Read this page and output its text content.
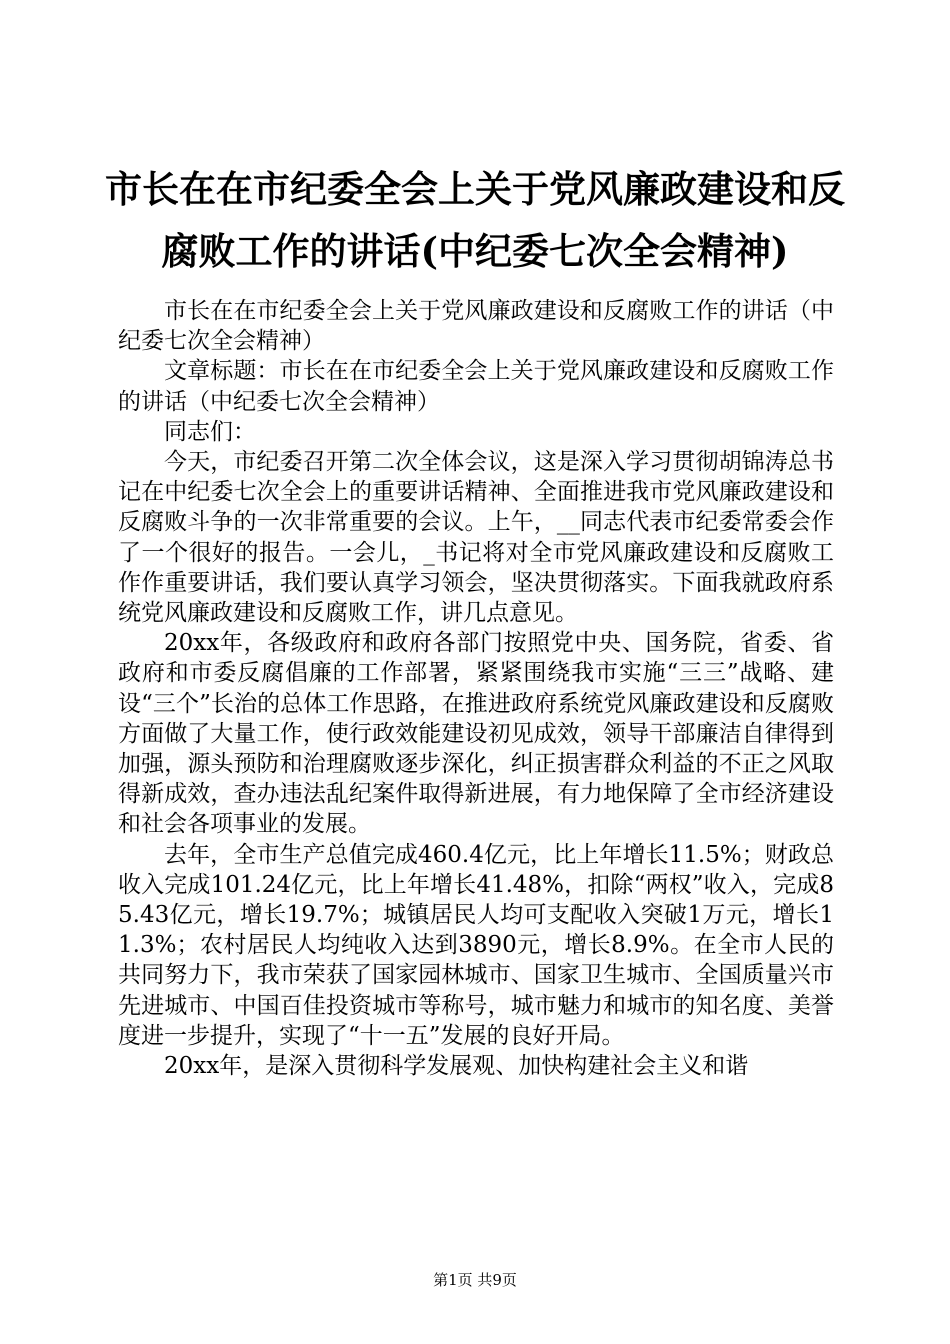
市长在在市纪委全会上关于党风廉政建设和反
腐败工作的讲话(中纪委七次全会精神)

市长在在市纪委全会上关于党风廉政建设和反腐败工作的讲话（中纪委七次全会精神）

文章标题：市长在在市纪委全会上关于党风廉政建设和反腐败工作的讲话（中纪委七次全会精神）

同志们：

今天，市纪委召开第二次全体会议，这是深入学习贯彻胡锦涛总书记在中纪委七次全会上的重要讲话精神、全面推进我市党风廉政建设和反腐败斗争的一次非常重要的会议。上午，__同志代表市纪委常委会作了一个很好的报告。一会儿，_书记将对全市党风廉政建设和反腐败工作作重要讲话，我们要认真学习领会，坚决贯彻落实。下面我就政府系统党风廉政建设和反腐败工作，讲几点意见。

20xx年，各级政府和政府各部门按照党中央、国务院，省委、省政府和市委反腐倡廉的工作部署，紧紧围绕我市实施“三三”战略、建设“三个”长治的总体工作思路，在推进政府系统党风廉政建设和反腐败方面做了大量工作，使行政效能建设初见成效，领导干部廉洁自律得到加强，源头预防和治理腐败逐步深化，纠正损害群众利益的不正之风取得新成效，查办违法乱纪案件取得新进展，有力地保障了全市经济建设和社会各项事业的发展。

去年，全市生产总值完成460.4亿元，比上年增长11.5%；财政总收入完成101.24亿元，比上年增长41.48%，扣除“两权”收入，完成85.43亿元，增长19.7%；城镇居民人均可支配收入突破1万元，增长11.3%；农村居民人均纯收入达到3890元，增长8.9%。在全市人民的共同努力下，我市荣获了国家园林城市、国家卫生城市、全国质量兴市先进城市、中国百佳投资城市等称号，城市魅力和城市的知名度、美誉度进一步提升，实现了“十一五”发展的良好开局。

20xx年，是深入贯彻科学发展观、加快构建社会主义和谐

第1页 共9页
